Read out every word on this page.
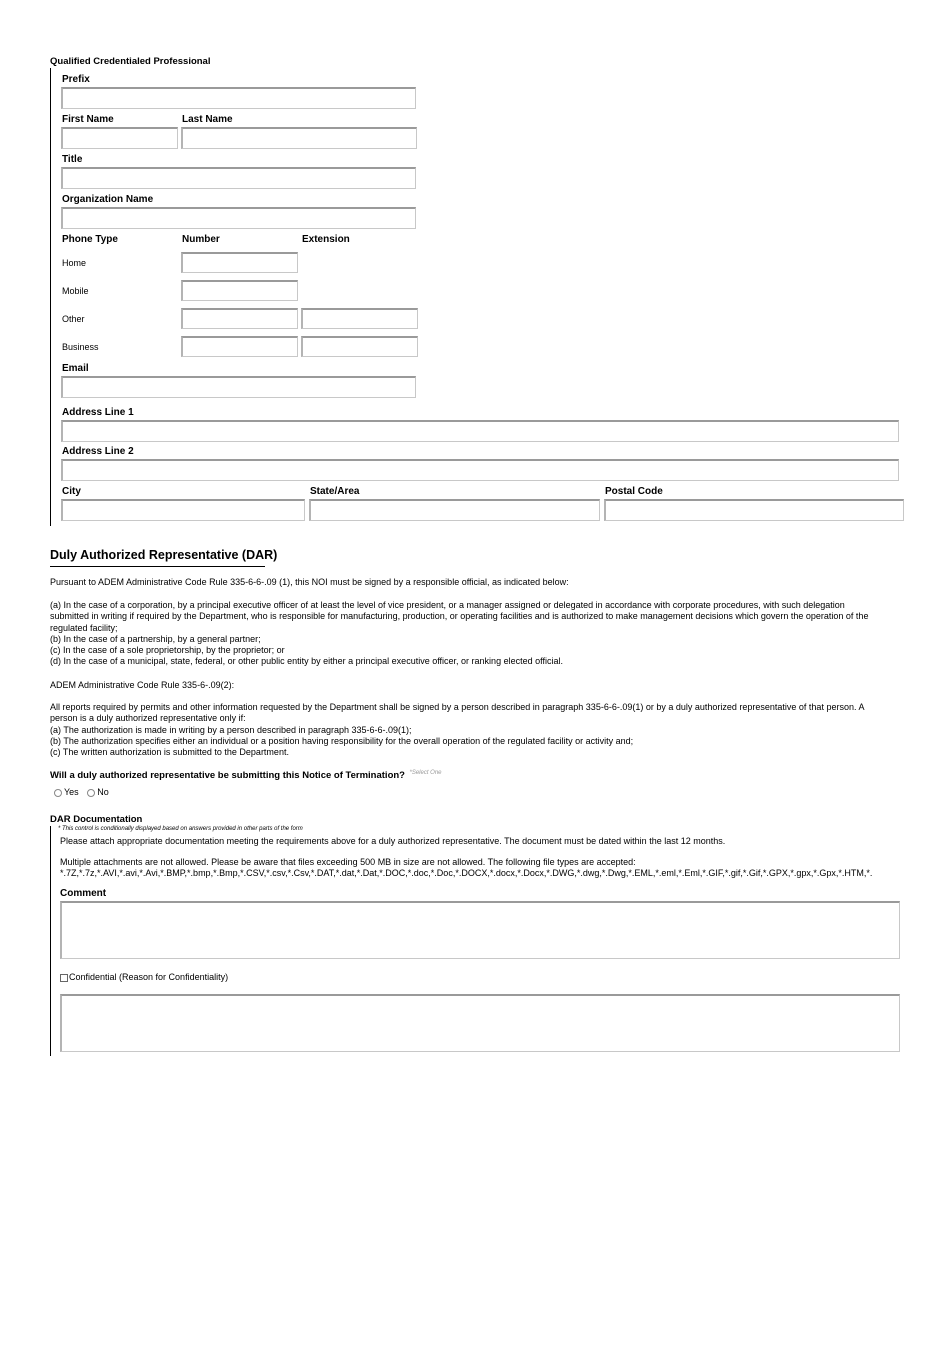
Qualified Credentialed Professional
Prefix
First Name	Last Name
Title
Organization Name
Phone Type	Number	Extension
Home
Mobile
Other
Business
Email
Address Line 1
Address Line 2
City	State/Area	Postal Code
Duly Authorized Representative (DAR)
Pursuant to ADEM Administrative Code Rule 335-6-6-.09 (1), this NOI must be signed by a responsible official, as indicated below:
(a) In the case of a corporation, by a principal executive officer of at least the level of vice president, or a manager assigned or delegated in accordance with corporate procedures, with such delegation
submitted in writing if required by the Department, who is responsible for manufacturing, production, or operating facilities and is authorized to make management decisions which govern the operation of the
regulated facility;
(b) In the case of a partnership, by a general partner;
(c) In the case of a sole proprietorship, by the proprietor; or
(d) In the case of a municipal, state, federal, or other public entity by either a principal executive officer, or ranking elected official.
ADEM Administrative Code Rule 335-6-.09(2):
All reports required by permits and other information requested by the Department shall be signed by a person described in paragraph 335-6-6-.09(1) or by a duly authorized representative of that person. A
person is a duly authorized representative only if:
(a) The authorization is made in writing by a person described in paragraph 335-6-6-.09(1);
(b) The authorization specifies either an individual or a position having responsibility for the overall operation of the regulated facility or activity and;
(c) The written authorization is submitted to the Department.
Will a duly authorized representative be submitting this Notice of Termination? $^{*Select One}$
Yes No
DAR Documentation
* This control is conditionally displayed based on answers provided in other parts of the form
Please attach appropriate documentation meeting the requirements above for a duly authorized representative. The document must be dated within the last 12 months.
Multiple attachments are not allowed. Please be aware that files exceeding 500 MB in size are not allowed. The following file types are accepted:
*.7Z,*.7z,*.AVI,*.avi,*.Avi,*.BMP,*.bmp,*.Bmp,*.CSV,*.csv,*.Csv,*.DAT,*.dat,*.Dat,*.DOC,*.doc,*.Doc,*.DOCX,*.docx,*.Docx,*.DWG,*.dwg,*.Dwg,*.EML,*.eml,*.Eml,*.GIF,*.gif,*.Gif,*.GPX,*.gpx,*.Gpx,*.HTM,*.
Comment
Confidential (Reason for Confidentiality)
